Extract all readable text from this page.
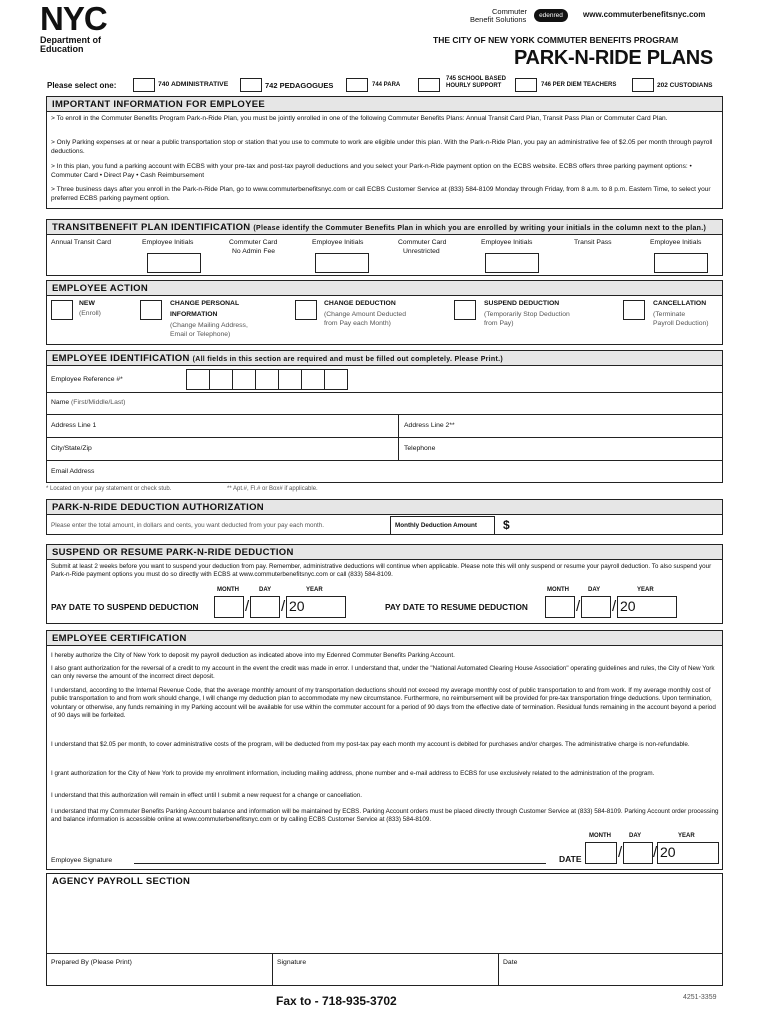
NYC
Department of
Education
Commuter
Benefit Solutions	edenred	www.commuterbenefitsnyc.com
THE CITY OF NEW YORK COMMUTER BENEFITS PROGRAM
PARK-N-RIDE PLANS
Please select one:	740 ADMINISTRATIVE	742 PEDAGOGUES	744 PARA
745 SCHOOL BASED
HOURLY SUPPORT	746 PER DIEM TEACHERS	202 CUSTODIANS
IMPORTANT INFORMATION FOR EMPLOYEE
> To enroll in the Commuter Benefits Program Park-n-Ride Plan, you must be jointly enrolled in one of the following Commuter Benefits Plans: Annual Transit Card Plan, Transit Pass Plan or Commuter Card Plan.
> Only Parking expenses at or near a public transportation stop or station that you use to commute to work are eligible under this plan. With the Park-n-Ride Plan, you pay an administrative fee of $2.05 per month through payroll deductions.
> In this plan, you fund a parking account with ECBS with your pre-tax and post-tax payroll deductions and you select your Park-n-Ride payment option on the ECBS website. ECBS offers three parking payment options: • Commuter Card • Direct Pay • Cash Reimbursement
> Three business days after you enroll in the Park-n-Ride Plan, go to www.commuterbenefitsnyc.com or call ECBS Customer Service at (833) 584-8109 Monday through Friday, from 8 a.m. to 8 p.m. Eastern Time, to select your preferred ECBS parking payment option.
TRANSITBENEFIT PLAN IDENTIFICATION (Please identify the Commuter Benefits Plan in which you are enrolled by writing your initials in the column next to the plan.)
Annual Transit Card	Employee Initials	Commuter Card
No Admin Fee
Employee Initials	Commuter Card
Unrestricted
Employee Initials	Transit Pass	Employee Initials
EMPLOYEE ACTION
NEW
(Enroll)
CHANGE PERSONAL
INFORMATION
(Change Mailing Address,
Email or Telephone)
CHANGE DEDUCTION
(Change Amount Deducted
from Pay each Month)
SUSPEND DEDUCTION
(Temporarily Stop Deduction
from Pay)
CANCELLATION
(Terminate
Payroll Deduction)
EMPLOYEE IDENTIFICATION (All fields in this section are required and must be filled out completely. Please Print.)
Employee Reference #*
Name (First/Middle/Last)
Address Line 1	Address Line 2**
City/State/Zip	Telephone
Email Address
* Located on your pay statement or check stub.	** Apt.#, Fl.# or Box# if applicable.
PARK-N-RIDE DEDUCTION AUTHORIZATION
Please enter the total amount, in dollars and cents, you want deducted from your pay each month.	Monthly Deduction Amount $
SUSPEND OR RESUME PARK-N-RIDE DEDUCTION
Submit at least 2 weeks before you want to suspend your deduction from pay. Remember, administrative deductions will continue when applicable. Please note this will only suspend or resume your payroll deduction. To also suspend your Park-n-Ride payment options you must do so directly with ECBS at www.commuterbenefitsnyc.com or call (833) 584-8109.
MONTH	DAY	YEAR
PAY DATE TO SUSPEND DEDUCTION	/ / 20
MONTH	DAY	YEAR
PAY DATE TO RESUME DEDUCTION	/ / 20
EMPLOYEE CERTIFICATION
I hereby authorize the City of New York to deposit my payroll deduction as indicated above into my Edenred Commuter Benefits Parking Account.
I also grant authorization for the reversal of a credit to my account in the event the credit was made in error. I understand that, under the "National Automated Clearing House Association" operating guidelines and rules, the City of New York can only reverse the amount of the incorrect direct deposit.
I understand, according to the Internal Revenue Code, that the average monthly amount of my transportation deductions should not exceed my average monthly cost of public transportation to and from work. If my average monthly cost of public transportation to and from work should change, I will change my deduction plan to accommodate my new circumstance. Furthermore, no reimbursement will be provided for pre-tax transportation fringe deductions. Upon termination, voluntary or otherwise, any funds remaining in my Parking account will be available for use within the commuter account for a period of 90 days from the effective date of termination. Residual funds remaining in the account beyond a period of 90 days will be forfeited.
I understand that $2.05 per month, to cover administrative costs of the program, will be deducted from my post-tax pay each month my account is debited for purchases and/or charges. The administrative charge is non-refundable.
I grant authorization for the City of New York to provide my enrollment information, including mailing address, phone number and e-mail address to ECBS for use exclusively related to the administration of the program.
I understand that this authorization will remain in effect until I submit a new request for a change or cancellation.
I understand that my Commuter Benefits Parking Account balance and information will be maintained by ECBS. Parking Account orders must be placed directly through Customer Service at (833) 584-8109. Parking Account order processing and balance information is accessible online at www.commuterbenefitsnyc.com or by calling ECBS Customer Service at (833) 584-8109.
Employee Signature	DATE
MONTH	DAY	YEAR
/ / 20
AGENCY PAYROLL SECTION
Prepared By (Please Print)	Signature	Date
Fax to - 718-935-3702	4251-3359
